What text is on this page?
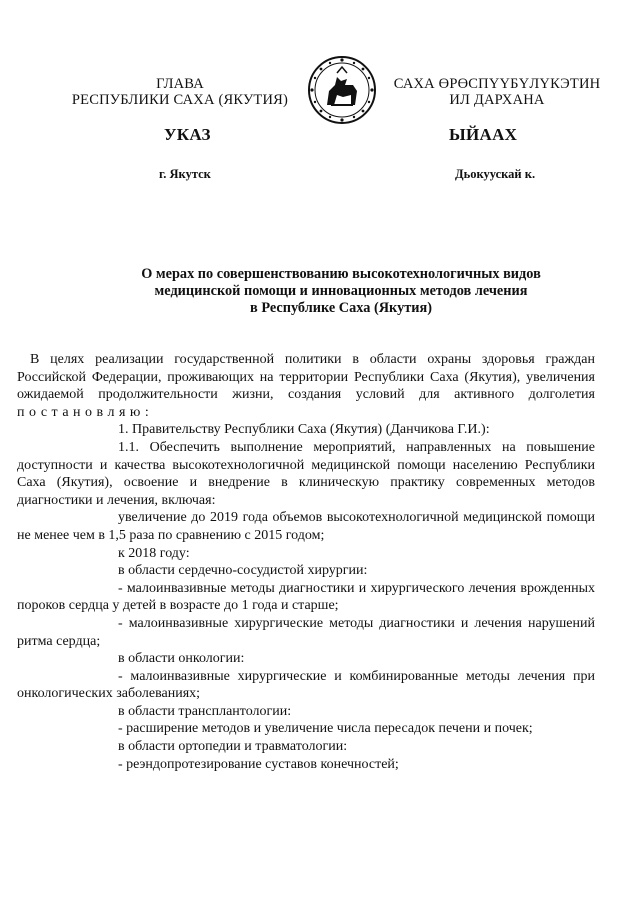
ГЛАВА
РЕСПУБЛИКИ САХА (ЯКУТИЯ)
САХА ӨРӨСПҮҮБҮЛҮКЭТИН
ИЛ ДАРХАНА
УКАЗ	ЫЙААХ
г. Якутск	Дьокуускай к.
О мерах по совершенствованию высокотехнологичных видов
медицинской помощи и инновационных методов лечения
в Республике Саха (Якутия)

В целях реализации государственной политики в области охраны здоровья граждан Российской Федерации, проживающих на территории Республики Саха (Якутия), увеличения ожидаемой продолжительности жизни, создания условий для активного долголетия постановляю:

1. Правительству Республики Саха (Якутия) (Данчикова Г.И.):

1.1. Обеспечить выполнение мероприятий, направленных на повышение доступности и качества высокотехнологичной медицинской помощи населению Республики Саха (Якутия), освоение и внедрение в клиническую практику современных методов диагностики и лечения, включая:

увеличение до 2019 года объемов высокотехнологичной медицинской помощи не менее чем в 1,5 раза по сравнению с 2015 годом;

к 2018 году:

в области сердечно-сосудистой хирургии:

- малоинвазивные методы диагностики и хирургического лечения врожденных пороков сердца у детей в возрасте до 1 года и старше;

- малоинвазивные хирургические методы диагностики и лечения нарушений ритма сердца;

в области онкологии:

- малоинвазивные хирургические и комбинированные методы лечения при онкологических заболеваниях;

в области трансплантологии:

- расширение методов и увеличение числа пересадок печени и почек;

в области ортопедии и травматологии:

- реэндопротезирование суставов конечностей;
